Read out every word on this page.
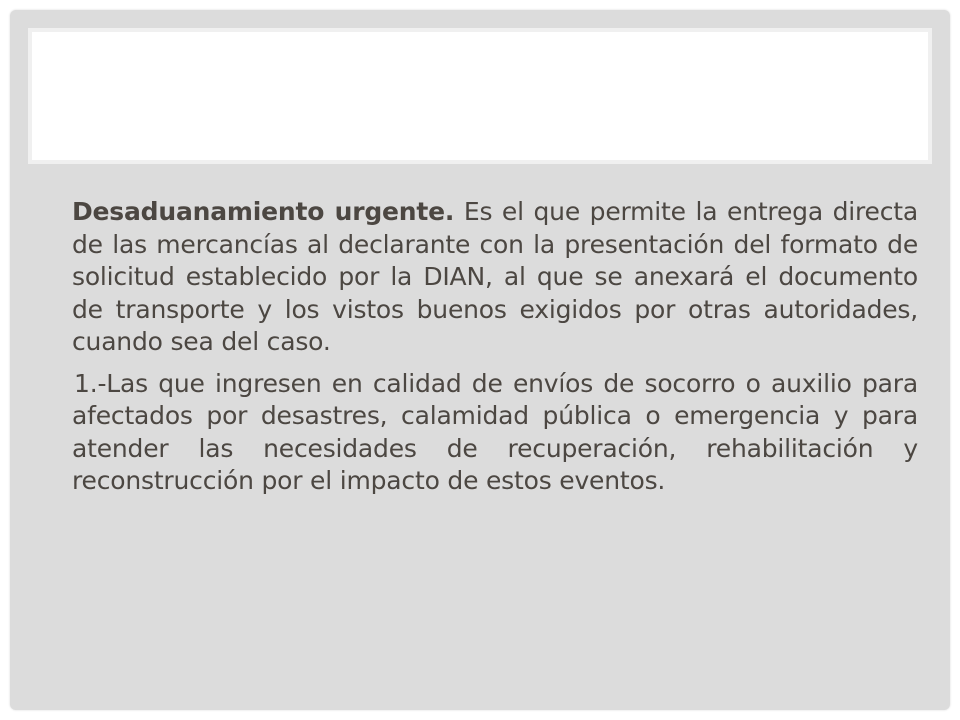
Desaduanamiento urgente. Es el que permite la entrega directa de las mercancías al declarante con la presentación del formato de solicitud establecido por la DIAN, al que se anexará el documento de transporte y los vistos buenos exigidos por otras autoridades, cuando sea del caso.

1.-Las que ingresen en calidad de envíos de socorro o auxilio para afectados por desastres, calamidad pública o emergencia y para atender las necesidades de recuperación, rehabilitación y reconstrucción por el impacto de estos eventos.
